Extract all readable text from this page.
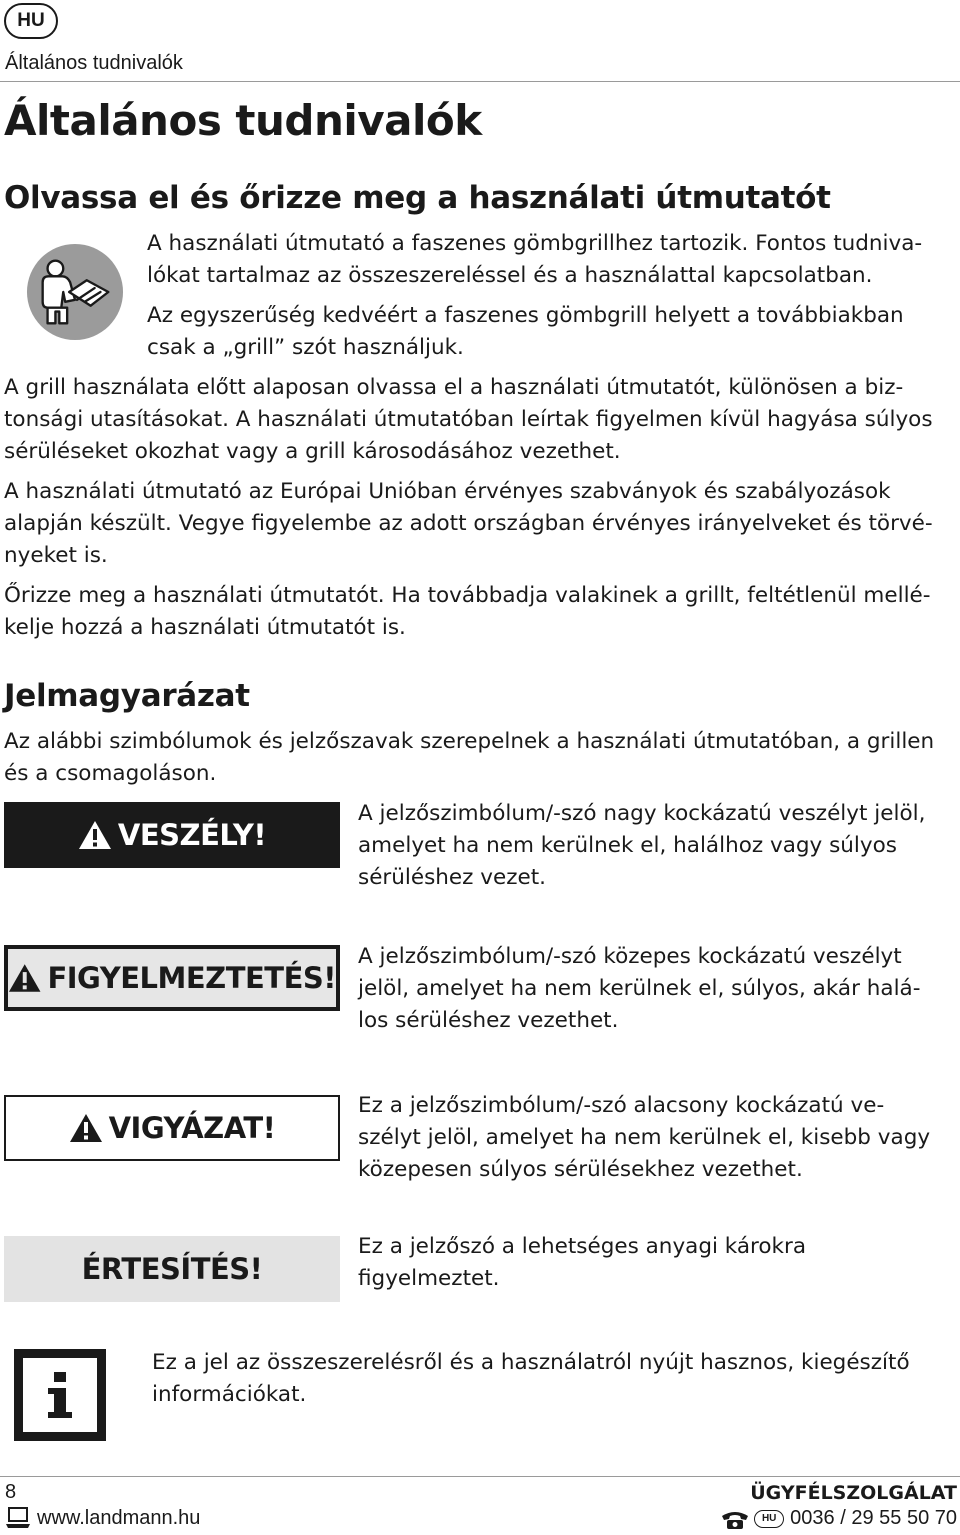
HU
Általános tudnivalók
Általános tudnivalók
Olvassa el és őrizze meg a használati útmutatót

A használati útmutató a faszenes gömbgrillhez tartozik. Fontos tudniva-

lókat tartalmaz az összeszereléssel és a használattal kapcsolatban.

Az egyszerűség kedvéért a faszenes gömbgrill helyett a továbbiakban

csak a „grill” szót használjuk.

A grill használata előtt alaposan olvassa el a használati útmutatót, különösen a biz-

tonsági utasításokat. A használati útmutatóban leírtak figyelmen kívül hagyása súlyos

sérüléseket okozhat vagy a grill károsodásához vezethet.

A használati útmutató az Európai Unióban érvényes szabványok és szabályozások

alapján készült. Vegye figyelembe az adott országban érvényes irányelveket és törvé-

nyeket is.

Őrizze meg a használati útmutatót. Ha továbbadja valakinek a grillt, feltétlenül mellé-

kelje hozzá a használati útmutatót is.

Jelmagyarázat

Az alábbi szimbólumok és jelzőszavak szerepelnek a használati útmutatóban, a grillen

és a csomagoláson.

VESZÉLY!

A jelzőszimbólum/-szó nagy kockázatú veszélyt jelöl,

amelyet ha nem kerülnek el, halálhoz vagy súlyos

sérüléshez vezet.

FIGYELMEZTETÉS!

A jelzőszimbólum/-szó közepes kockázatú veszélyt

jelöl, amelyet ha nem kerülnek el, súlyos, akár halá-

los sérüléshez vezethet.

VIGYÁZAT!

Ez a jelzőszimbólum/-szó alacsony kockázatú ve-

szélyt jelöl, amelyet ha nem kerülnek el, kisebb vagy

közepesen súlyos sérülésekhez vezethet.

ÉRTESÍTÉS!

Ez a jelzőszó a lehetséges anyagi károkra

figyelmeztet.

Ez a jel az összeszerelésről és a használatról nyújt hasznos, kiegészítő

információkat.

8
www.landmann.hu
ÜGYFÉLSZOLGÁLAT
HU 0036 / 29 55 50 70
